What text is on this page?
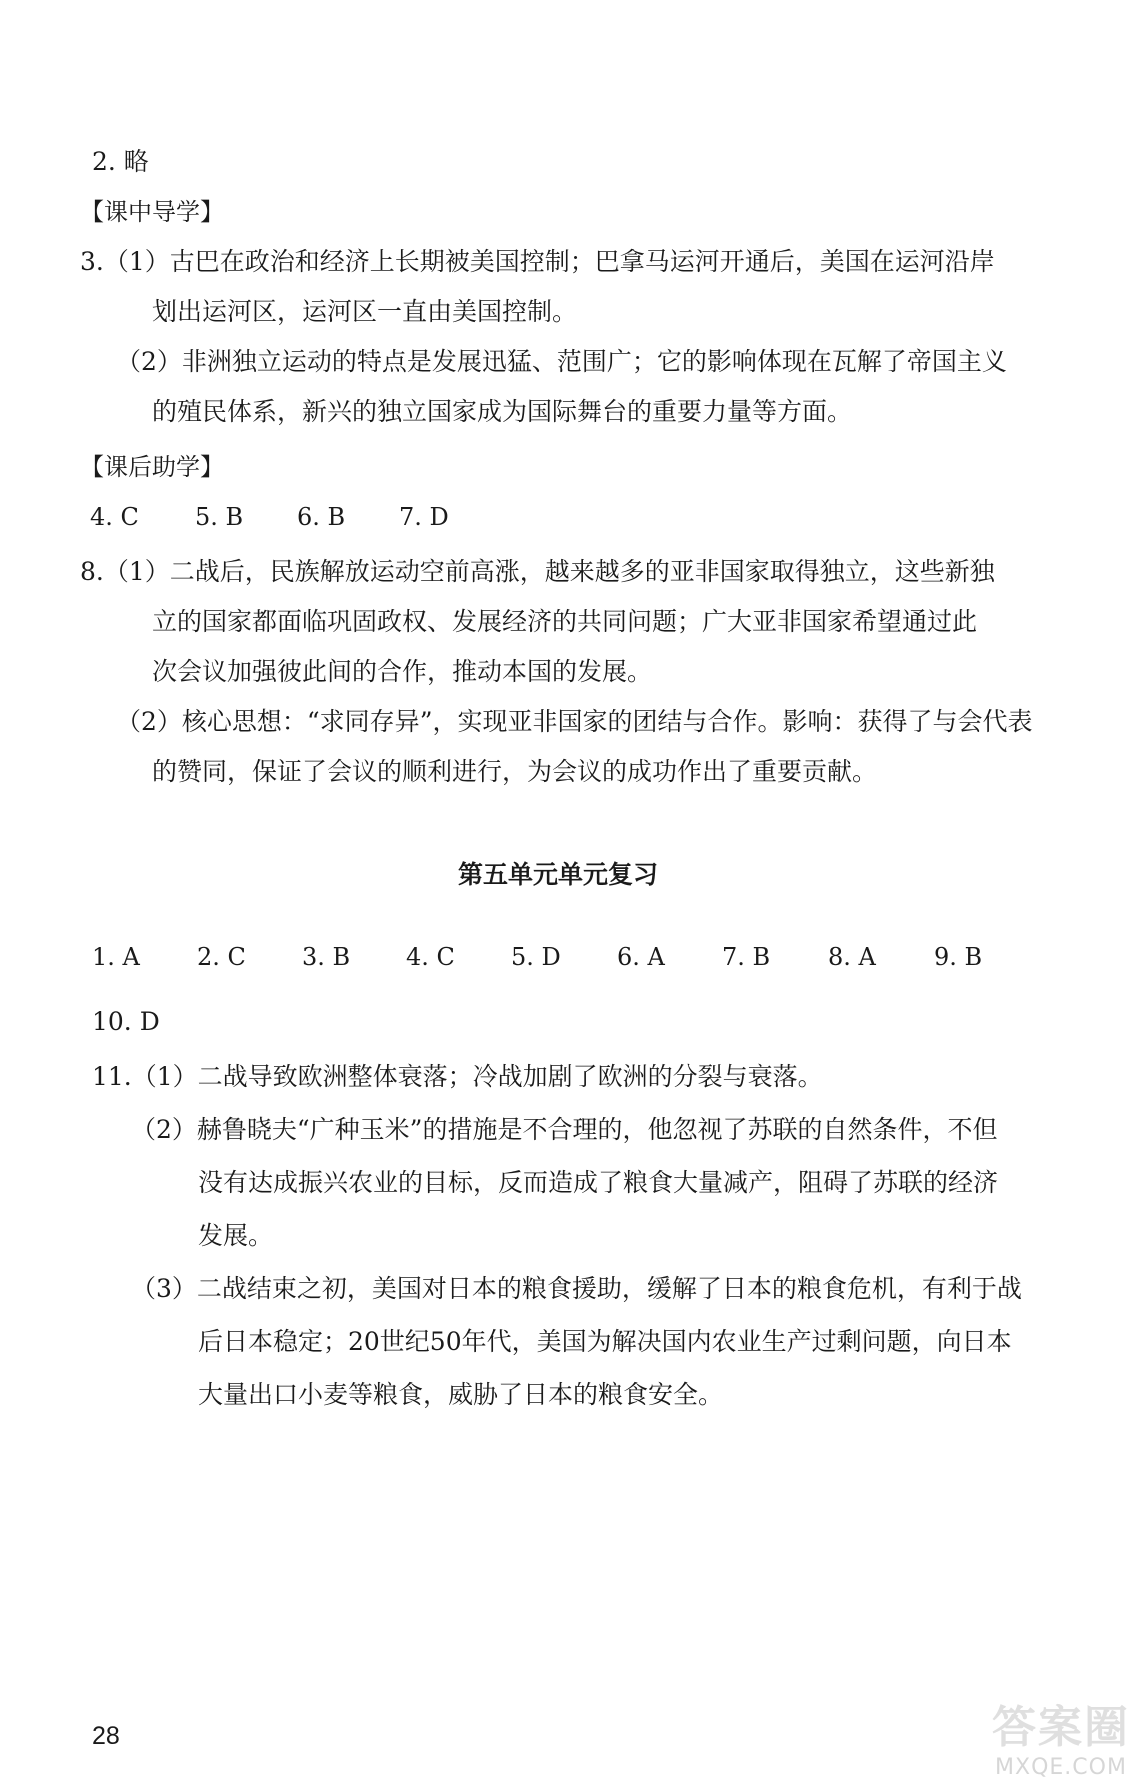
2. 略
【课中导学】
3.（1）古巴在政治和经济上长期被美国控制；巴拿马运河开通后，美国在运河沿岸
划出运河区，运河区一直由美国控制。
（2）非洲独立运动的特点是发展迅猛、范围广；它的影响体现在瓦解了帝国主义
的殖民体系，新兴的独立国家成为国际舞台的重要力量等方面。
【课后助学】
4. C 5. B 6. B 7. D
8.（1）二战后，民族解放运动空前高涨，越来越多的亚非国家取得独立，这些新独
立的国家都面临巩固政权、发展经济的共同问题；广大亚非国家希望通过此
次会议加强彼此间的合作，推动本国的发展。
（2）核心思想：“求同存异”，实现亚非国家的团结与合作。影响：获得了与会代表
的赞同，保证了会议的顺利进行，为会议的成功作出了重要贡献。
第五单元单元复习
1. A 2. C 3. B 4. C 5. D 6. A 7. B 8. A 9. B
10. D
11.（1）二战导致欧洲整体衰落；冷战加剧了欧洲的分裂与衰落。
（2）赫鲁晓夫“广种玉米”的措施是不合理的，他忽视了苏联的自然条件，不但
没有达成振兴农业的目标，反而造成了粮食大量减产，阻碍了苏联的经济
发展。
（3）二战结束之初，美国对日本的粮食援助，缓解了日本的粮食危机，有利于战
后日本稳定；20世纪50年代，美国为解决国内农业生产过剩问题，向日本
大量出口小麦等粮食，威胁了日本的粮食安全。
28	答案圈
MXQE.COM
